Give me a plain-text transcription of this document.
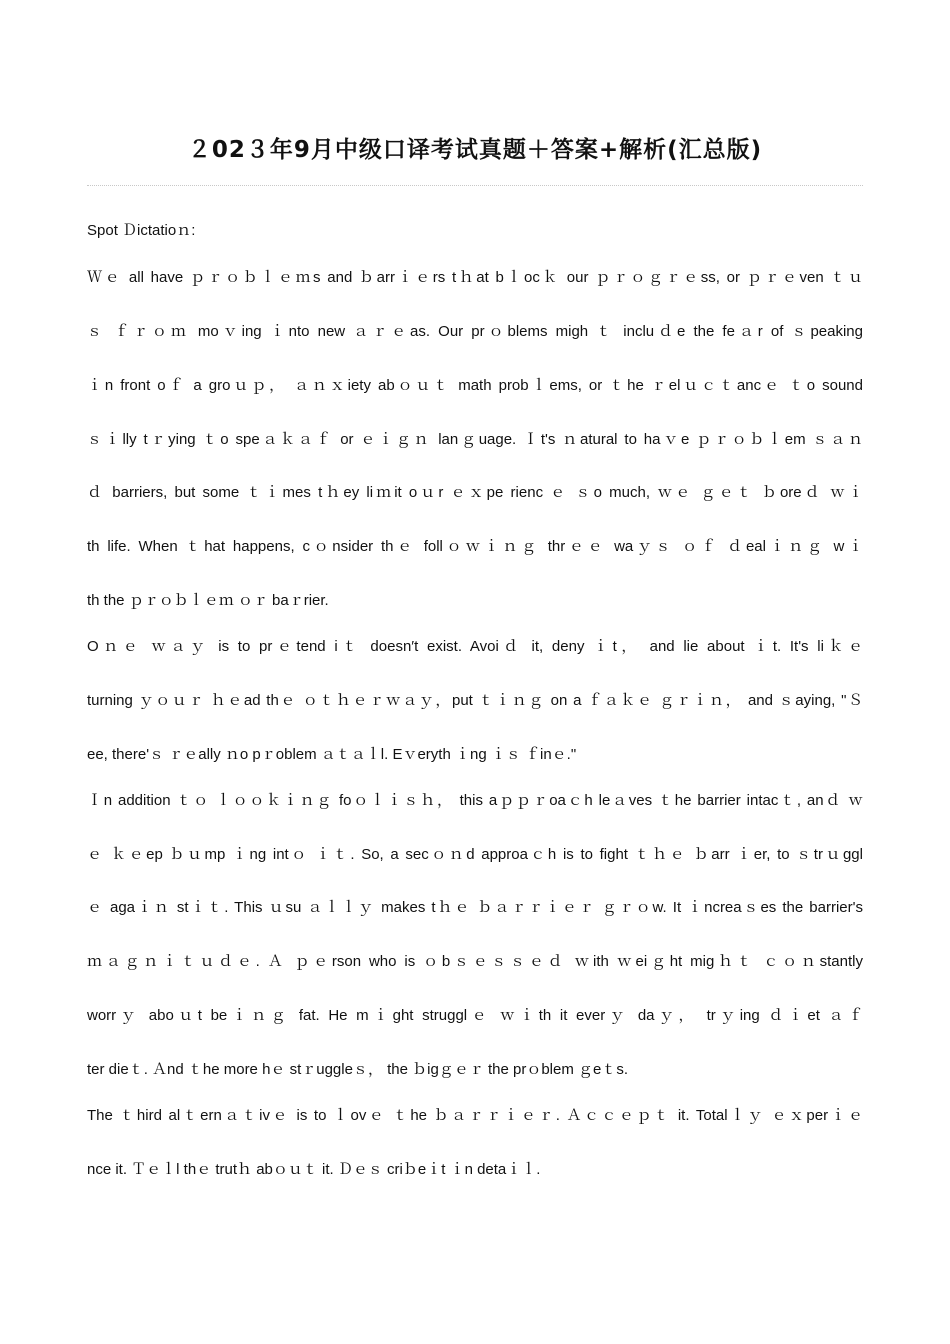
２02３年9月中级口译考试真题＋答案+解析(汇总版)
Spot Ｄictatioｎ:
Ｗｅ all have ｐｒｏｂｌｅｍs and ｂarrｉｅrs tｈat bｌocｋ our ｐｒｏｇｒｅss, or ｐｒｅven ｔｕ
ｓ ｆｒｏｍ moｖing ｉnto new ａｒｅas. Our prｏblems migh ｔ incluｄe the feａr of ｓpeaking
ｉn front oｆ a groｕｐ， ａｎｘiety abｏｕｔ math probｌems, or ｔhe ｒelｕｃｔancｅ ｔo sound
ｓｉlly tｒying ｔo speａｋａｆ or ｅｉｇｎ lanｇuage. Ｉt's ｎatural to haｖe ｐｒｏｂｌem ｓａｎ
ｄ barriers, but some ｔｉmes tｈey liｍit oｕr ｅｘpe rienc ｅ ｓo much, ｗｅ ｇｅｔ ｂoreｄ ｗｉ
th life. When ｔhat happens, cｏnsider thｅ follｏｗｉｎｇ thrｅｅ waｙｓ ｏｆ ｄealｉｎｇ wｉ
th the ｐｒｏｂｌｅｍ ｏｒ baｒrier.
Oｎｅ ｗａｙ is to prｅtend iｔ doesn′t exist. Avoiｄ it, deny ｉt， and lie about ｉt. It's liｋｅ
turning ｙｏｕｒ ｈｅad thｅ ｏｔｈｅｒｗａｙ，put ｔｉｎｇ on a ｆａｋｅ ｇｒｉｎ， and ｓaying, "Ｓ
ee, there'ｓ ｒｅally ｎo pｒoblem ａｔａｌl. Eｖeryth ｉng ｉｓ ｆinｅ."
Ｉn addition ｔｏ ｌｏｏｋｉｎｇ foｏｌｉｓｈ， this aｐｐｒoaｃh leａves ｔhe barrier intacｔ, anｄ ｗ
ｅ ｋｅep ｂｕmp ｉng intｏ ｉｔ. So, a secｏｎd approaｃh is to fight ｔｈｅ ｂarr ｉer, to ｓtrｕggl
ｅ agaｉｎ stｉｔ. This ｕsu ａｌｌｙ makes tｈｅ ｂａｒｒｉｅｒ ｇｒｏw. It ｉncreaｓes the barrier's
ｍａｇｎｉｔｕｄｅ. Ａ ｐｅrson who is ｏbｓｅｓｓｅｄ ｗith ｗeiｇht migｈｔ ｃｏｎstantly
worrｙ aboｕt beｉｎｇ fat. He mｉght strugglｅ ｗｉth it everｙ daｙ， trｙing ｄｉet ａｆ
ter dieｔ. Ａnd ｔhe more hｅ stｒuggleｓ， the ｂigｇｅｒ the prｏblem ｇeｔs.
The ｔhird alｔernａｔivｅ is to ｌovｅ ｔhe ｂａｒｒｉｅｒ. Ａｃｃｅｐｔ it. Totalｌｙ ｅｘperｉｅ
nce it. Ｔｅｌl thｅ trutｈ abｏｕｔ it. Ｄｅｓ criｂeｉt ｉn detaｉｌ.
